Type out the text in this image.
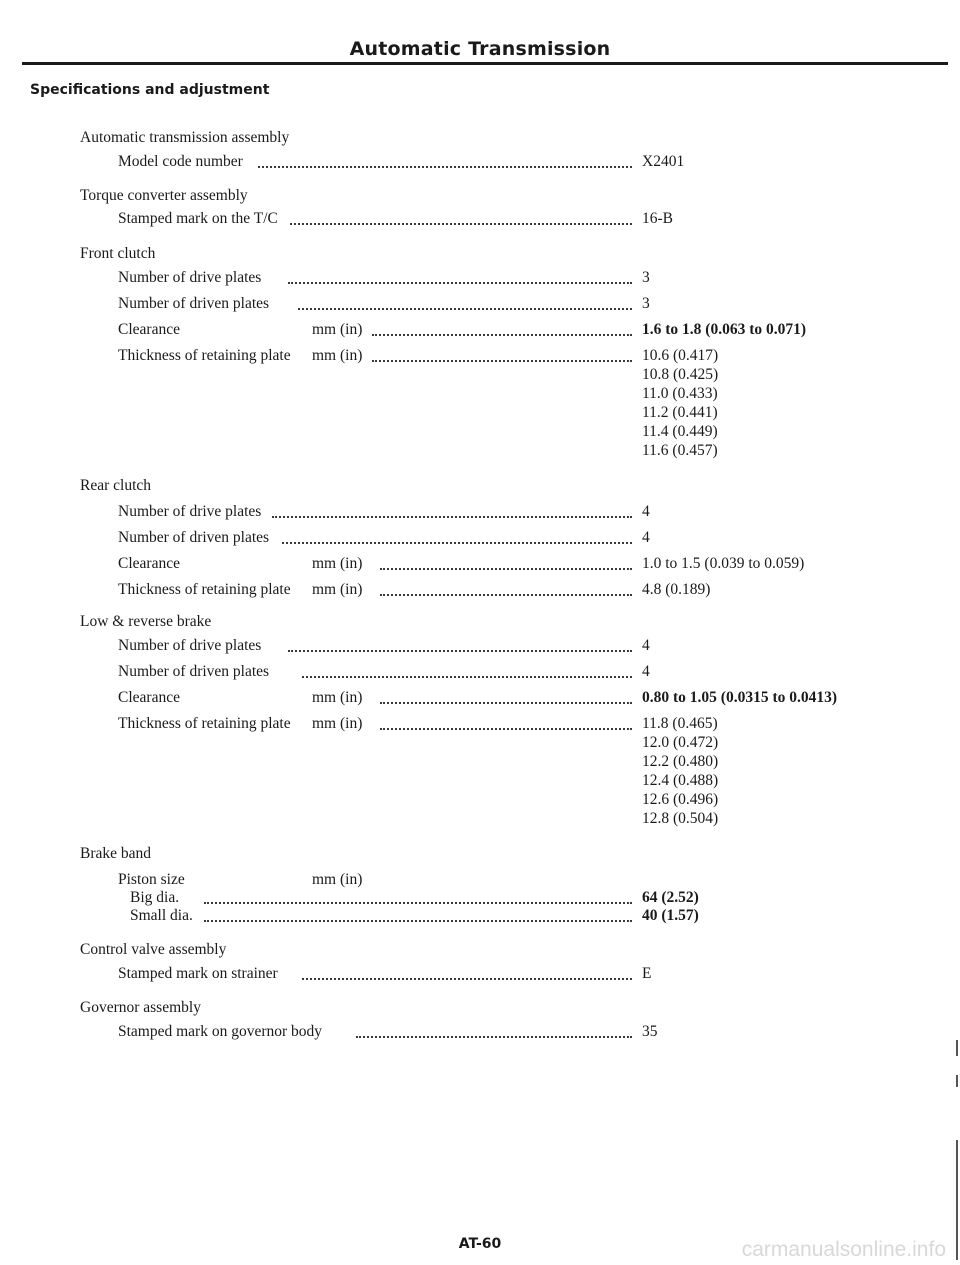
Automatic Transmission
Specifications and adjustment
Automatic transmission assembly
Model code number	X2401
Torque converter assembly
Stamped mark on the T/C	16-B
Front clutch
Number of drive plates	3
Number of driven plates	3
Clearance	mm (in)	1.6 to 1.8 (0.063 to 0.071)
Thickness of retaining plate mm (in)	10.6 (0.417)
10.8 (0.425)
11.0 (0.433)
11.2 (0.441)
11.4 (0.449)
11.6 (0.457)
Rear clutch
Number of drive plates	4
Number of driven plates	4
Clearance	mm (in)	1.0 to 1.5 (0.039 to 0.059)
Thickness of retaining plate mm (in)	4.8 (0.189)
Low & reverse brake
Number of drive plates	4
Number of driven plates	4
Clearance	mm (in)	0.80 to 1.05 (0.0315 to 0.0413)
Thickness of retaining plate mm (in)	11.8 (0.465)
12.0 (0.472)
12.2 (0.480)
12.4 (0.488)
12.6 (0.496)
12.8 (0.504)
Brake band
Piston size	mm (in)
Big dia.	64 (2.52)
Small dia.	40 (1.57)
Control valve assembly
Stamped mark on strainer	E
Governor assembly
Stamped mark on governor body	35
AT-60	carmanualsonline.info
